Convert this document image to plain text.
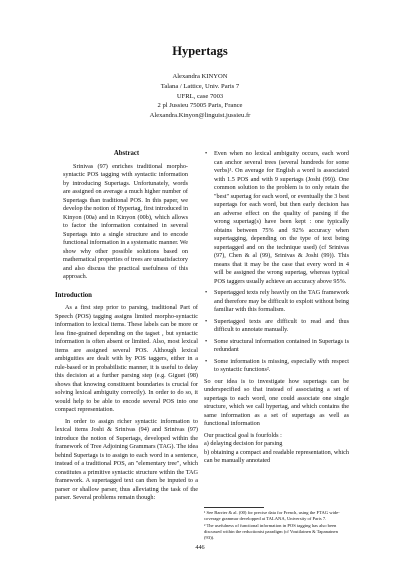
Hypertags
Alexandra KINYON
Talana / Lattice, Univ. Paris 7
UFRL, case 7003
2 pl Jussieu 75005 Paris, France
Alexandra.Kinyon@linguist.jussieu.fr
Abstract

Srinivas (97) enriches traditional morpho-syntactic POS tagging with syntactic information by introducing Supertags. Unfortunately, words are assigned on average a much higher number of Supertags than traditional POS. In this paper, we develop the notion of Hypertag, first introduced in Kinyon (00a) and in Kinyon (00b), which allows to factor the information contained in several Supertags into a single structure and to encode functional information in a systematic manner. We show why other possible solutions based on mathematical properties of trees are unsatisfactory and also discuss the practical usefulness of this approach.

Introduction

As a first step prior to parsing, traditional Part of Speech (POS) tagging assigns limited morpho-syntactic information to lexical items. These labels can be more or less fine-grained depending on the tagset , but syntactic information is often absent or limited. Also, most lexical items are assigned several POS. Although lexical ambiguities are dealt with by POS taggers, either in a rule-based or in probabilistic manner, it is useful to delay this decision at a further parsing step (e.g. Giguet (98) shows that knowing constituent boundaries is crucial for solving lexical ambiguity correctly). In order to do so, it would help to be able to encode several POS into one compact representation.

In order to assign richer syntactic information to lexical items Joshi & Srinivas (94) and Srinivas (97) introduce the notion of Supertags, developed within the framework of Tree Adjoining Grammars (TAG). The idea behind Supertags is to assign to each word in a sentence, instead of a traditional POS, an "elementary tree", which constitutes a primitive syntactic structure within the TAG framework. A supertagged text can then be inputed to a parser or shallow parser, thus alleviating the task of the parser. Several problems remain though:

• Even when no lexical ambiguity occurs, each word can anchor several trees (several hundreds for some verbs)¹. On average for English a word is associated with 1.5 POS and with 9 supertags (Joshi (99)). One common solution to the problem is to only retain the "best" supertag for each word, or eventually the 3 best supertags for each word, but then early decision has an adverse effect on the quality of parsing if the wrong supertag(s) have been kept : one typically obtains between 75% and 92% accuracy when supertagging, depending on the type of text being supertagged and on the technique used) (cf Srinivas (97), Chen & al (99), Srinivas & Joshi (99)). This means that it may be the case that every word in 4 will be assigned the wrong supertag, whereas typical POS taggers usually achieve an accuracy above 95%.
• Supertagged texts rely heavily on the TAG framework and therefore may be difficult to exploit without being familiar with this formalism.
• Supertagged texts are difficult to read and thus difficult to annotate manually.
• Some structural information contained in Supertags is redundant
• Some information is missing, especially with respect to syntactic functions².

So our idea is to investigate how supertags can be underspecified so that instead of associating a set of supertags to each word, one could associate one single structure, which we call hypertag, and which contains the same information as a set of supertags as well as functional information

Our practical goal is fourfolds :

a) delaying decision for parsing

b) obtaining a compact and readable representation, which can be manually annotated

¹ See Barrier & al. (00) for precise data for French, using the FTAG wide-coverage grammar developped at TALANA, University of Paris 7.

² The usefulness of functional information in POS tagging has also been discussed within the reductionist paradigm (cf Voutilainen & Tapanainen (93)).

446
